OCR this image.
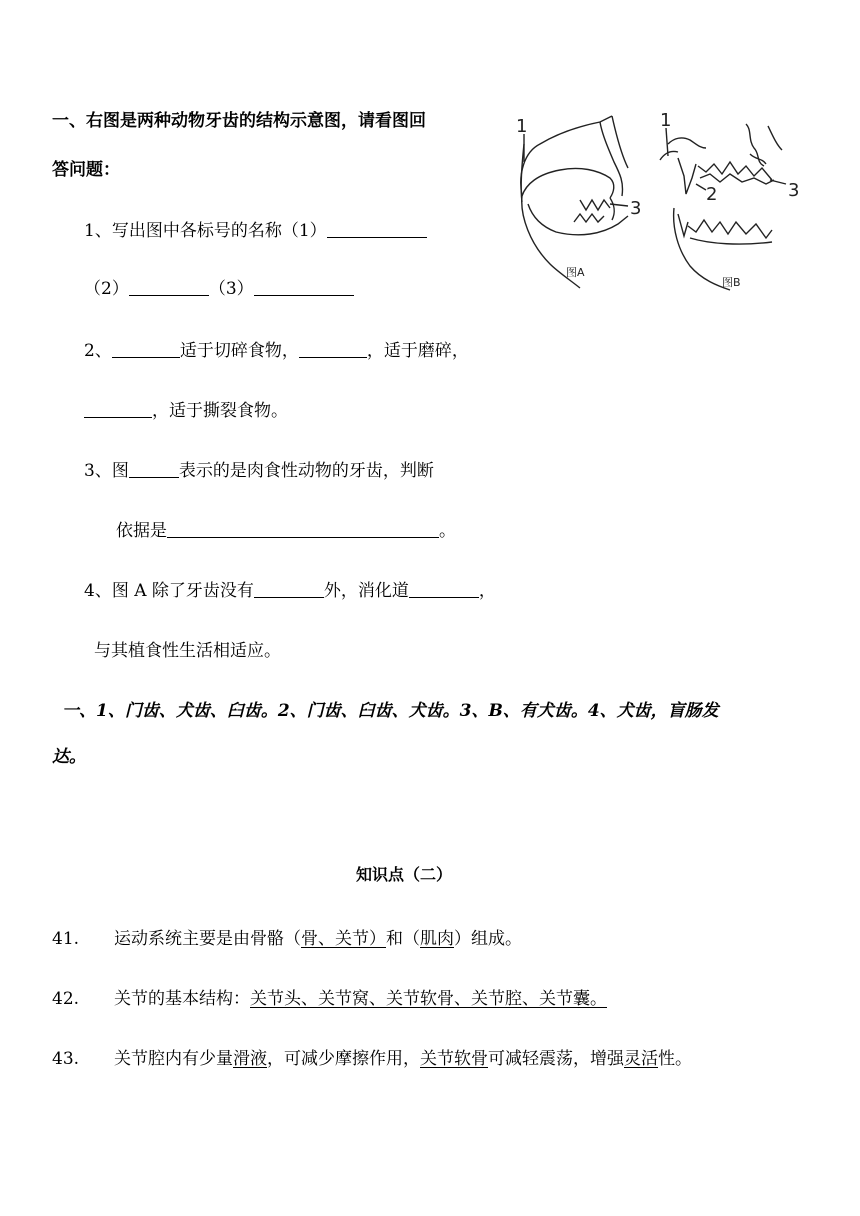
一、右图是两种动物牙齿的结构示意图，请看图回
答问题：
1、写出图中各标号的名称（1）
（2）	（3）
2、	适于切碎食物，	，适于磨碎，
，适于撕裂食物。
3、图	表示的是肉食性动物的牙齿，判断
依据是	。
4、图 A 除了牙齿没有	外，消化道	，
与其植食性生活相适应。
1
3
图A
1
2	3
图B
一、1、门齿、犬齿、臼齿。2、门齿、臼齿、犬齿。3、B、有犬齿。4、犬齿，盲肠发
达。
知识点（二）
41. 运动系统主要是由骨骼（骨、关节）和（肌肉）组成。
42. 关节的基本结构：关节头、关节窝、关节软骨、关节腔、关节囊。
43. 关节腔内有少量滑液，可减少摩擦作用，关节软骨可减轻震荡，增强灵活性。
